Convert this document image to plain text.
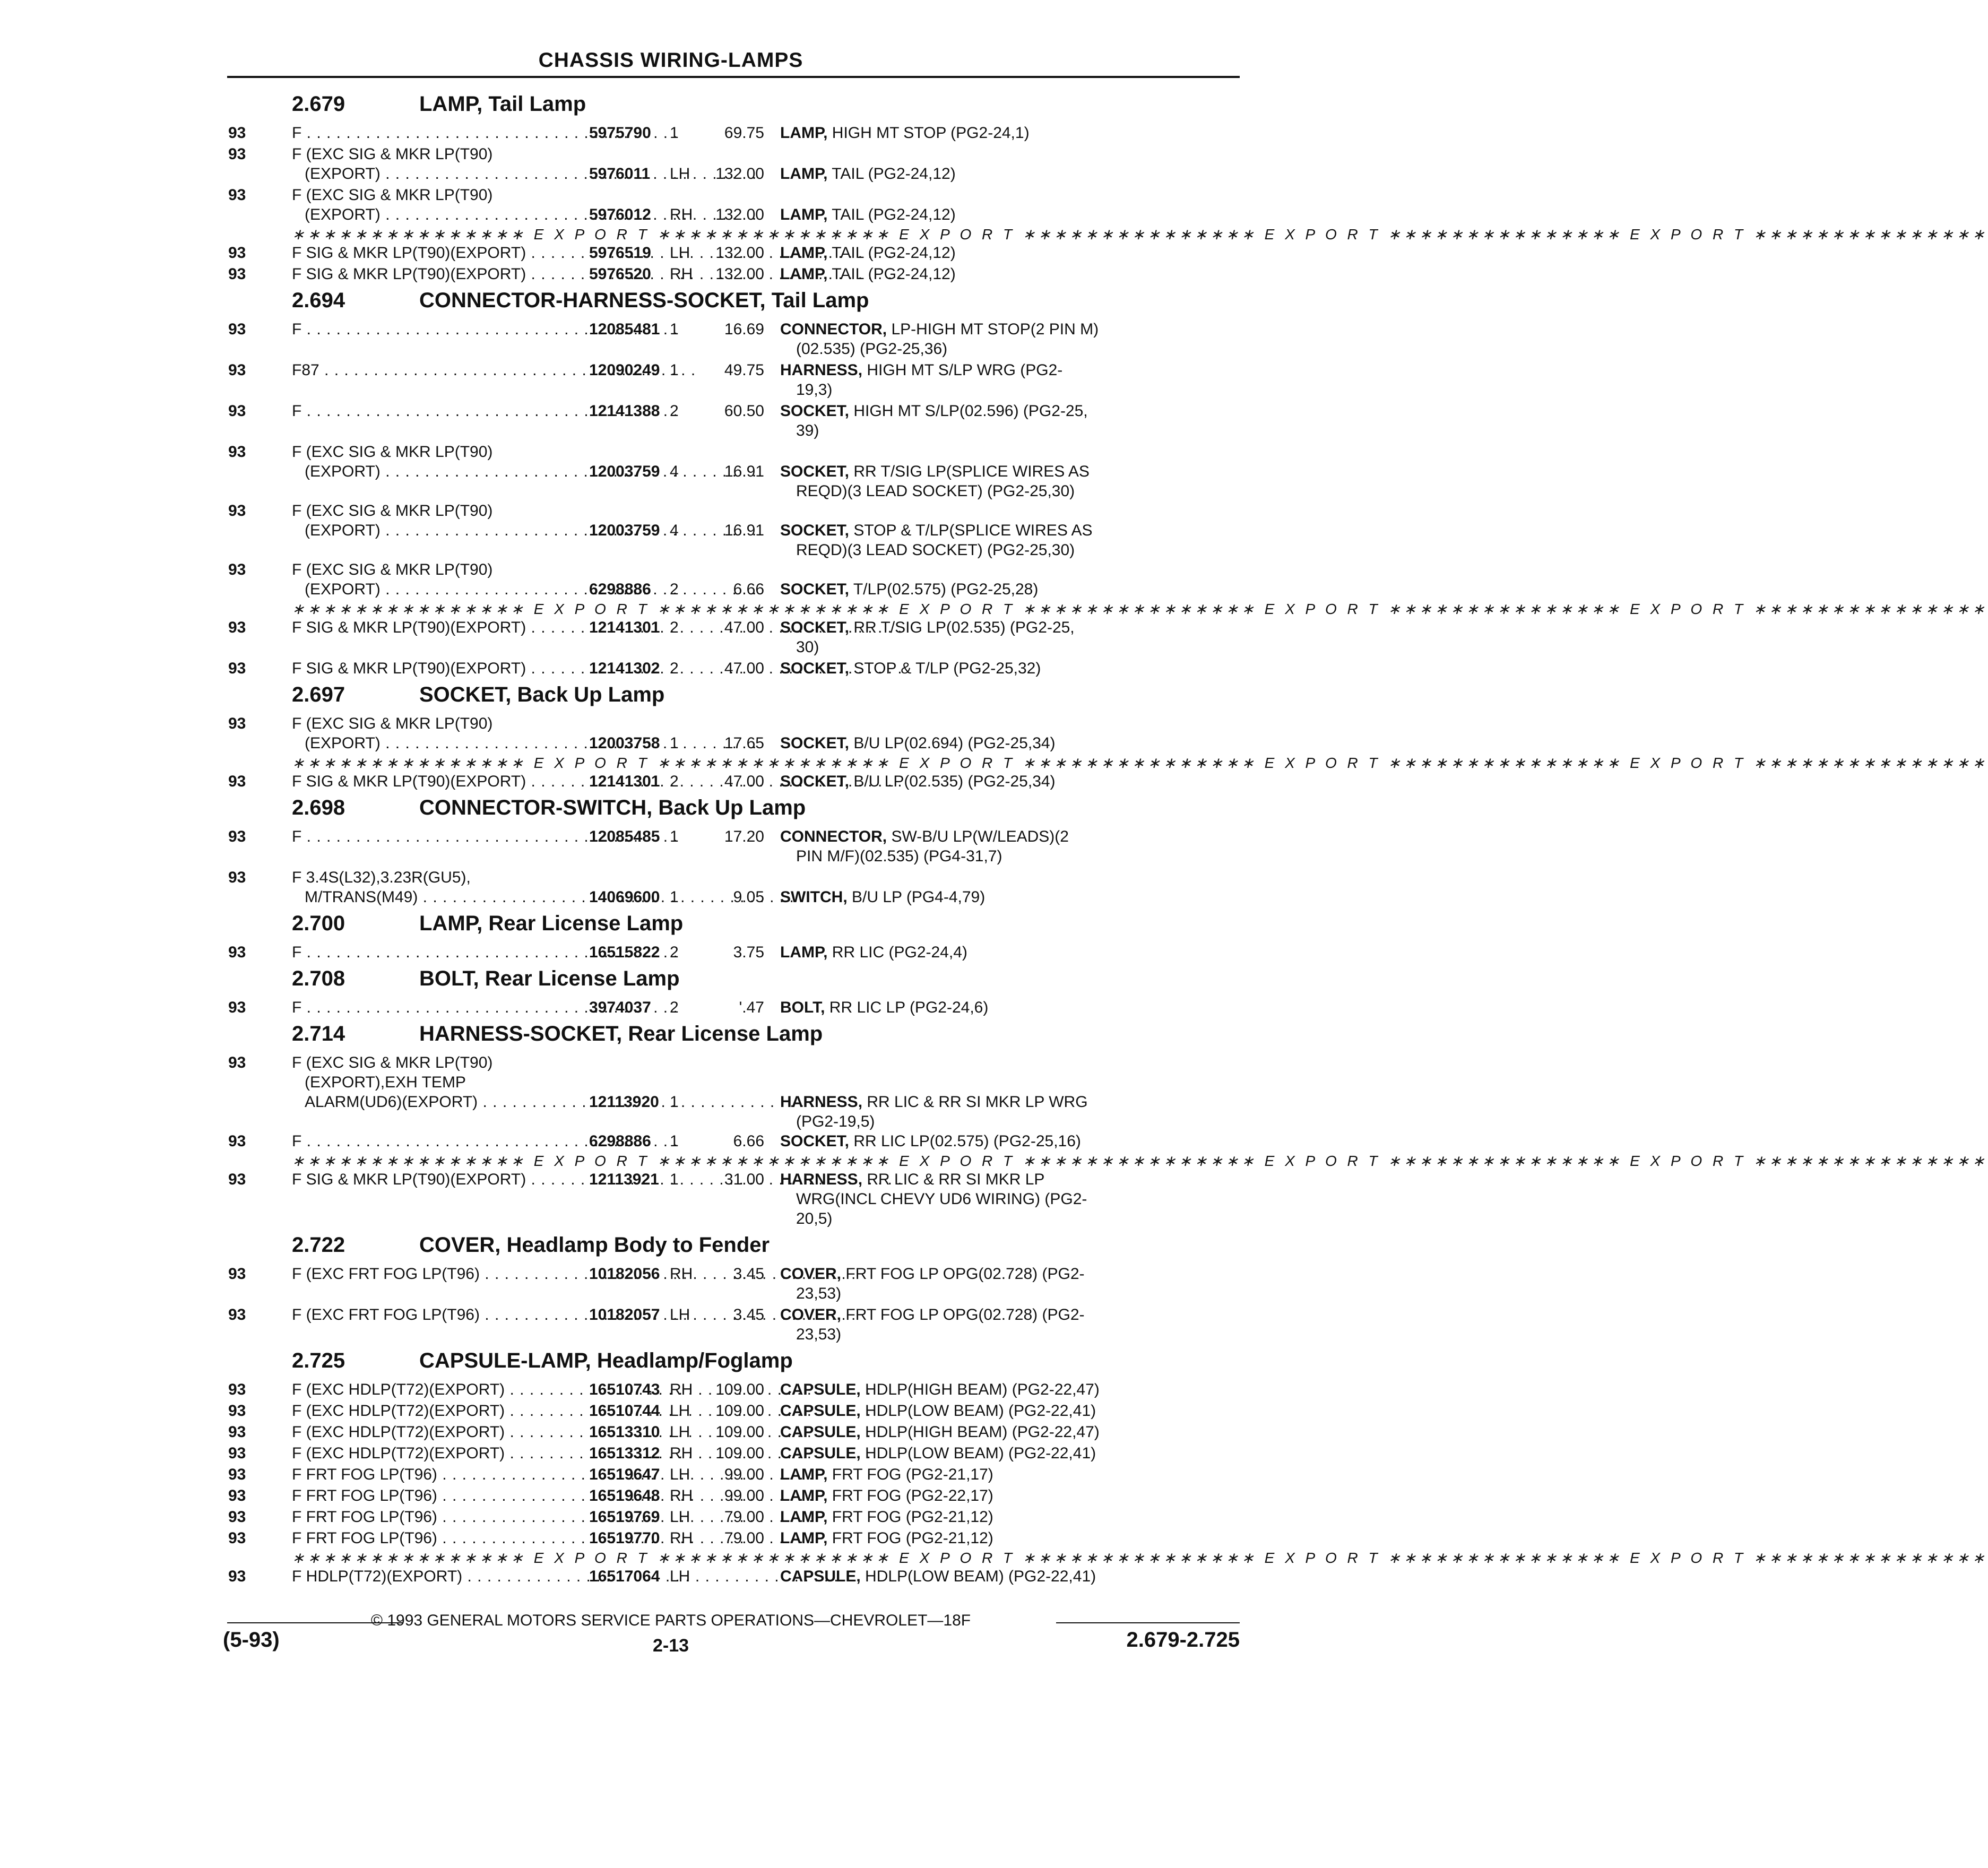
CHASSIS WIRING-LAMPS
2.679	LAMP, Tail Lamp
93	F . . .	5975790	1	69.75	LAMP, HIGH MT STOP (PG2-24,1)
93	F (EXC SIG & MKR LP(T90)
(EXPORT) . . .	5976011	LH	132.00	LAMP, TAIL (PG2-24,12)
93	F (EXC SIG & MKR LP(T90)
(EXPORT) . . .	5976012	RH	132.00	LAMP, TAIL (PG2-24,12)
∗∗∗∗∗∗∗∗∗∗∗∗∗∗∗ E X P O R T ∗∗∗∗∗∗∗∗∗∗∗∗∗∗∗ E X P O R T ∗∗∗∗∗∗∗∗∗∗∗∗∗∗∗ E X P O R T ∗∗∗∗∗∗∗∗∗∗∗∗∗∗∗ E X P O R T ∗∗∗∗∗∗∗∗∗∗∗∗∗∗∗
93	F SIG & MKR LP(T90)(EXPORT) . . .	5976519	LH	132.00	LAMP, TAIL (PG2-24,12)
93	F SIG & MKR LP(T90)(EXPORT) . . .	5976520	RH	132.00	LAMP, TAIL (PG2-24,12)
2.694	CONNECTOR-HARNESS-SOCKET, Tail Lamp
93	F . . .	12085481 1	16.69	CONNECTOR, LP-HIGH MT STOP(2 PIN M)
(02.535) (PG2-25,36)
93	F87 . . .	12090249 1	49.75	HARNESS, HIGH MT S/LP WRG (PG2-
19,3)
93	F . . .	12141388 2	60.50	SOCKET, HIGH MT S/LP(02.596) (PG2-25,
39)
93	F (EXC SIG & MKR LP(T90)
(EXPORT) . . .	12003759 4	16.91	SOCKET, RR T/SIG LP(SPLICE WIRES AS
REQD)(3 LEAD SOCKET) (PG2-25,30)
93	F (EXC SIG & MKR LP(T90)
(EXPORT) . . .	12003759 4	16.91	SOCKET, STOP & T/LP(SPLICE WIRES AS
REQD)(3 LEAD SOCKET) (PG2-25,30)
93	F (EXC SIG & MKR LP(T90)
(EXPORT) . . .	6298886	2	6.66	SOCKET, T/LP(02.575) (PG2-25,28)
∗∗∗∗∗∗∗∗∗∗∗∗∗∗∗ E X P O R T ∗∗∗∗∗∗∗∗∗∗∗∗∗∗∗ E X P O R T ∗∗∗∗∗∗∗∗∗∗∗∗∗∗∗ E X P O R T ∗∗∗∗∗∗∗∗∗∗∗∗∗∗∗ E X P O R T ∗∗∗∗∗∗∗∗∗∗∗∗∗∗∗
93	F SIG & MKR LP(T90)(EXPORT) . . .	12141301 2	47.00	SOCKET, RR T/SIG LP(02.535) (PG2-25,
30)
93	F SIG & MKR LP(T90)(EXPORT) . . .	12141302 2	47.00	SOCKET, STOP & T/LP (PG2-25,32)
2.697	SOCKET, Back Up Lamp
93	F (EXC SIG & MKR LP(T90)
(EXPORT) . . .	12003758 1	17.65	SOCKET, B/U LP(02.694) (PG2-25,34)
∗∗∗∗∗∗∗∗∗∗∗∗∗∗∗ E X P O R T ∗∗∗∗∗∗∗∗∗∗∗∗∗∗∗ E X P O R T ∗∗∗∗∗∗∗∗∗∗∗∗∗∗∗ E X P O R T ∗∗∗∗∗∗∗∗∗∗∗∗∗∗∗ E X P O R T ∗∗∗∗∗∗∗∗∗∗∗∗∗∗∗
93	F SIG & MKR LP(T90)(EXPORT) . . .	12141301 2	47.00	SOCKET, B/U LP(02.535) (PG2-25,34)
2.698	CONNECTOR-SWITCH, Back Up Lamp
93	F . . .	12085485 1	17.20	CONNECTOR, SW-B/U LP(W/LEADS)(2
PIN M/F)(02.535) (PG4-31,7)
93	F 3.4S(L32),3.23R(GU5),
M/TRANS(M49) . . .	14069600 1	9.05	SWITCH, B/U LP (PG4-4,79)
2.700	LAMP, Rear License Lamp
93	F . . .	16515822 2	3.75	LAMP, RR LIC (PG2-24,4)
2.708	BOLT, Rear License Lamp
93	F . . .	3974037	2	'.47	BOLT, RR LIC LP (PG2-24,6)
2.714	HARNESS-SOCKET, Rear License Lamp
93	F (EXC SIG & MKR LP(T90)
(EXPORT),EXH TEMP
ALARM(UD6)(EXPORT) . . .	12113920 1	HARNESS, RR LIC & RR SI MKR LP WRG
(PG2-19,5)
93	F . . .	6298886	1	6.66	SOCKET, RR LIC LP(02.575) (PG2-25,16)
∗∗∗∗∗∗∗∗∗∗∗∗∗∗∗ E X P O R T ∗∗∗∗∗∗∗∗∗∗∗∗∗∗∗ E X P O R T ∗∗∗∗∗∗∗∗∗∗∗∗∗∗∗ E X P O R T ∗∗∗∗∗∗∗∗∗∗∗∗∗∗∗ E X P O R T ∗∗∗∗∗∗∗∗∗∗∗∗∗∗∗
93	F SIG & MKR LP(T90)(EXPORT) . . .	12113921 1	31.00	HARNESS, RR LIC & RR SI MKR LP
WRG(INCL CHEVY UD6 WIRING) (PG2-
20,5)
2.722	COVER, Headlamp Body to Fender
93	F (EXC FRT FOG LP(T96) . . .	10182056 RH	3.45	COVER, FRT FOG LP OPG(02.728) (PG2-
23,53)
93	F (EXC FRT FOG LP(T96) . . .	10182057 LH	3.45	COVER, FRT FOG LP OPG(02.728) (PG2-
23,53)
2.725	CAPSULE-LAMP, Headlamp/Foglamp
93	F (EXC HDLP(T72)(EXPORT) . . .	16510743 RH	109.00	CAPSULE, HDLP(HIGH BEAM) (PG2-22,47)
93	F (EXC HDLP(T72)(EXPORT) . . .	16510744 LH	109.00	CAPSULE, HDLP(LOW BEAM) (PG2-22,41)
93	F (EXC HDLP(T72)(EXPORT) . . .	16513310 LH	109.00	CAPSULE, HDLP(HIGH BEAM) (PG2-22,47)
93	F (EXC HDLP(T72)(EXPORT) . . .	16513312 RH	109.00	CAPSULE, HDLP(LOW BEAM) (PG2-22,41)
93	F FRT FOG LP(T96) . . .	16519647 LH	99.00	LAMP, FRT FOG (PG2-21,17)
93	F FRT FOG LP(T96) . . .	16519648 RH	99.00	LAMP, FRT FOG (PG2-22,17)
93	F FRT FOG LP(T96) . . .	16519769 LH	79.00	LAMP, FRT FOG (PG2-21,12)
93	F FRT FOG LP(T96) . . .	16519770 RH	79.00	LAMP, FRT FOG (PG2-21,12)
∗∗∗∗∗∗∗∗∗∗∗∗∗∗∗ E X P O R T ∗∗∗∗∗∗∗∗∗∗∗∗∗∗∗ E X P O R T ∗∗∗∗∗∗∗∗∗∗∗∗∗∗∗ E X P O R T ∗∗∗∗∗∗∗∗∗∗∗∗∗∗∗ E X P O R T ∗∗∗∗∗∗∗∗∗∗∗∗∗∗∗
93	F HDLP(T72)(EXPORT) . . .	16517064 LH	CAPSULE, HDLP(LOW BEAM) (PG2-22,41)
© 1993 GENERAL MOTORS SERVICE PARTS OPERATIONS—CHEVROLET—18F
(5-93)	2-13	2.679-2.725
